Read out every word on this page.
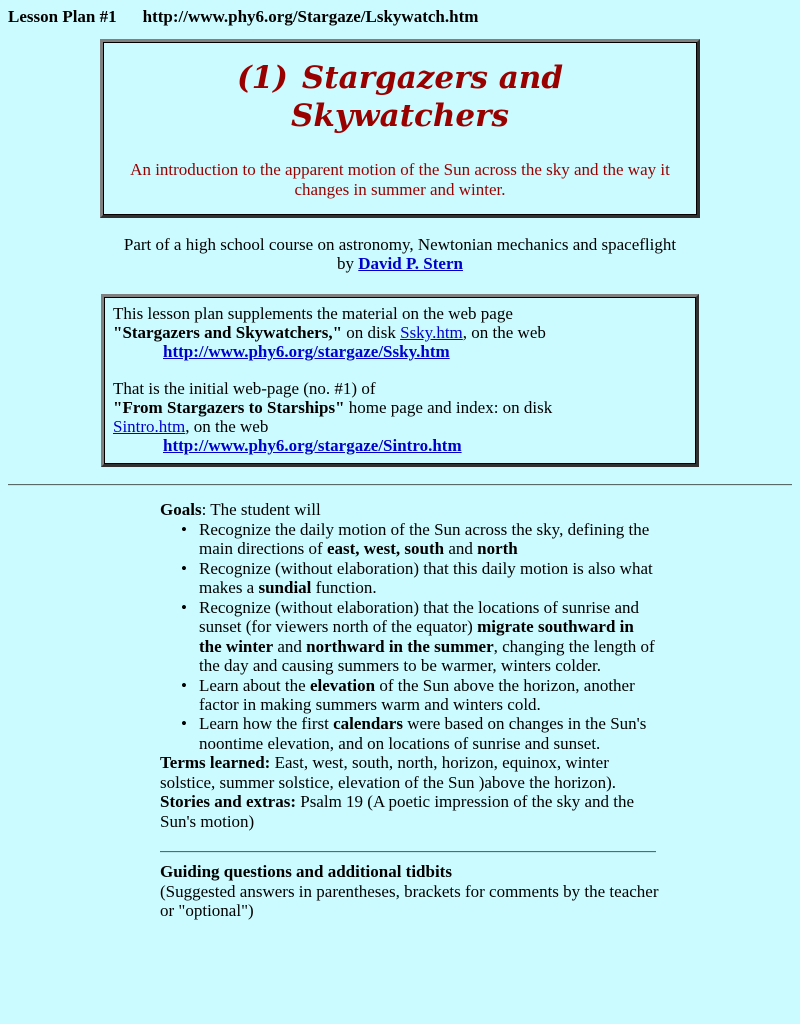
Lesson Plan #1 http://www.phy6.org/Stargaze/Lskywatch.htm
(1) Stargazers and
Skywatchers
An introduction to the apparent motion of the Sun across the sky and the way it changes in summer and winter.
Part of a high school course on astronomy, Newtonian mechanics and spaceflight
by David P. Stern
This lesson plan supplements the material on the web page
"Stargazers and Skywatchers," on disk Ssky.htm, on the web
http://www.phy6.org/stargaze/Ssky.htm
That is the initial web-page (no. #1) of
"From Stargazers to Starships" home page and index: on disk
Sintro.htm, on the web
http://www.phy6.org/stargaze/Sintro.htm

Goals: The student will

• Recognize the daily motion of the Sun across the sky, defining the main directions of east, west, south and north
• Recognize (without elaboration) that this daily motion is also what makes a sundial function.
• Recognize (without elaboration) that the locations of sunrise and sunset (for viewers north of the equator) migrate southward in the winter and northward in the summer, changing the length of the day and causing summers to be warmer, winters colder.
• Learn about the elevation of the Sun above the horizon, another factor in making summers warm and winters cold.
• Learn how the first calendars were based on changes in the Sun's noontime elevation, and on locations of sunrise and sunset.

Terms learned: East, west, south, north, horizon, equinox, winter solstice, summer solstice, elevation of the Sun )above the horizon). Stories and extras: Psalm 19 (A poetic impression of the sky and the Sun's motion)

Guiding questions and additional tidbits

(Suggested answers in parentheses, brackets for comments by the teacher or "optional")
